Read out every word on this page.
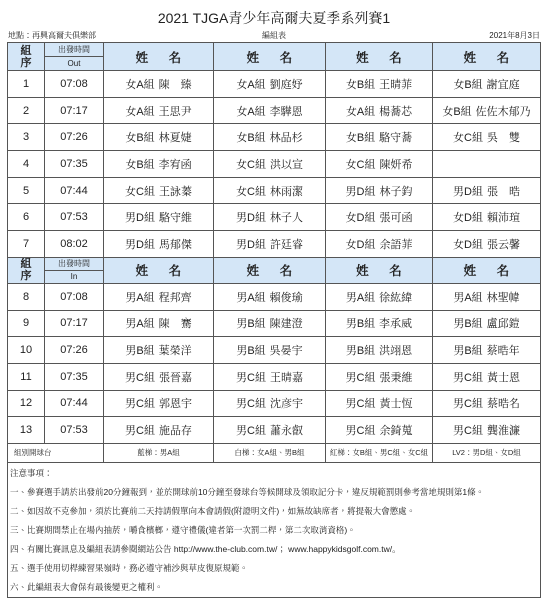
2021 TJGA青少年高爾夫夏季系列賽1
地點：再興高爾夫俱樂部	編組表	2021年8月3日
組
序
出發時間
Out	姓　名	姓　名	姓　名	姓　名
1	07:08	女A組 陳　臻	女A組 劉庭妤	女B組 王晴菲	女B組 謝宜庭
2	07:17	女A組 王思尹	女A組 李驊恩	女A組 楊蕎芯	女B組 佐佐木郁乃
3	07:26	女B組 林夏婕	女B組 林品杉	女B組 駱守蕎	女C組 吳　雙
4	07:35	女B組 李宥函	女C組 洪以宣	女C組 陳妍希
5	07:44	女C組 王詠蓁	女C組 林雨潔	男D組 林子鈞	男D組 張　晧
6	07:53	男D組 駱守維	男D組 林子人	女D組 張可函	女D組 賴沛瑄
7	08:02	男D組 馬郁傑	男D組 許廷睿	女D組 余語菲	女D組 張云馨
組
序
出發時間
In	姓　名	姓　名	姓　名	姓　名
8	07:08	男A組 程邦齊	男A組 賴俊瑜	男A組 徐紘緯	男A組 林聖幃
9	07:17	男A組 陳　騫	男B組 陳建澄	男B組 李承威	男B組 盧邱鎧
10	07:26	男B組 葉榮洋	男B組 吳晏宇	男B組 洪翊恩	男B組 蔡晧年
11	07:35	男C組 張晉嘉	男C組 王晴嘉	男C組 張秉維	男C組 黃士恩
12	07:44	男C組 郭恩宇	男C組 沈彦宇	男C組 黃士恆	男C組 蔡晧名
13	07:53	男C組 施品存	男C組 蕭永叡	男C組 余錡蒐	男C組 龔淮濂
組別開球台	藍梯：男A組	白梯：女A組、男B組	紅梯：女B組、男C組、女C組	LV2：男D組、女D組
注意事項：
一、參賽選手請於出發前20分鐘報到，並於開球前10分鐘至發球台等候開球及領取記分卡，違反規範罰則參考當地規則第1條。
二、如因故不克參加，須於比賽前二天持請假單向本會請假(附證明文件)，如無故缺席者，將提報大會懲處。
三、比賽期間禁止在場內抽菸，嚼食檳榔，遵守禮儀(違者第一次罰二桿，第二次取消資格)。
四、有關比賽訊息及編組表請參閱網站公告 http://www.the-club.com.tw/； www.happykidsgolf.com.tw/。
五、選手使用切桿練習果嶺時，務必遵守補沙與草皮復原規範。
六、此編組表大會保有最後變更之權利。
